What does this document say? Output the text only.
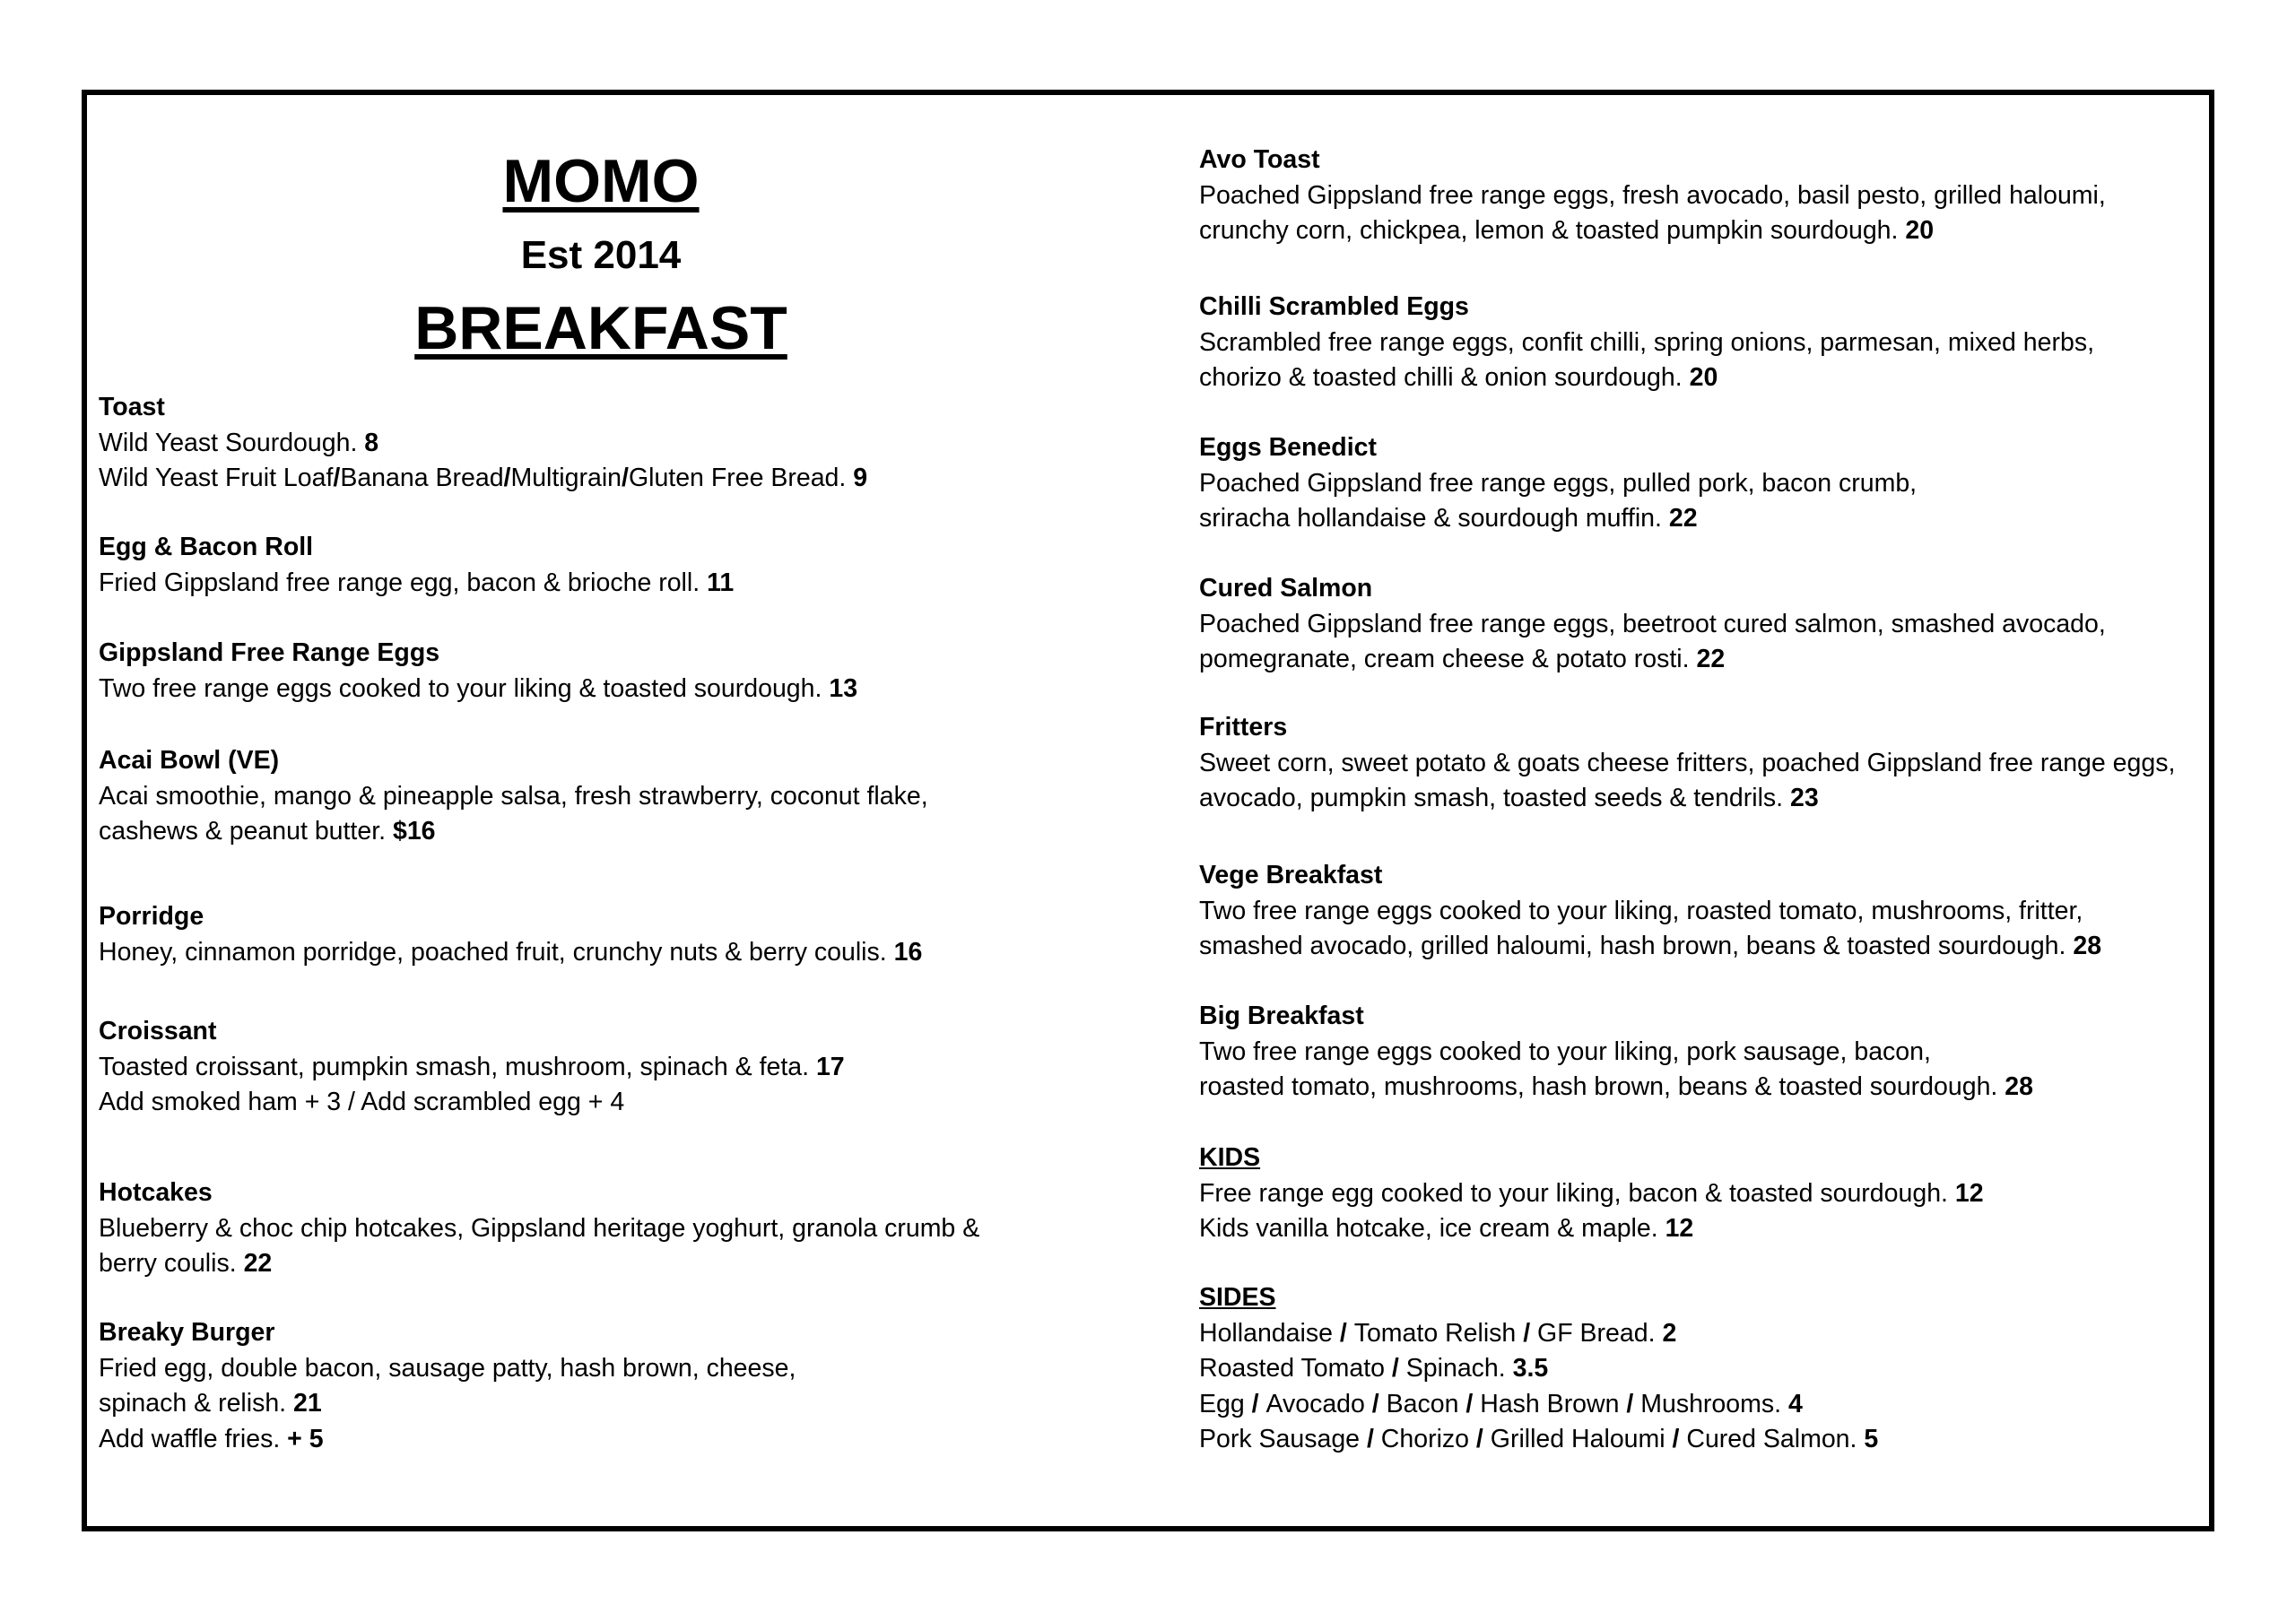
MOMO
Est 2014
BREAKFAST
Toast
Wild Yeast Sourdough. 8
Wild Yeast Fruit Loaf/Banana Bread/Multigrain/Gluten Free Bread. 9
Egg & Bacon Roll
Fried Gippsland free range egg, bacon & brioche roll. 11
Gippsland Free Range Eggs
Two free range eggs cooked to your liking & toasted sourdough. 13
Acai Bowl (VE)
Acai smoothie, mango & pineapple salsa, fresh strawberry, coconut flake,
cashews & peanut butter. $16
Porridge
Honey, cinnamon porridge, poached fruit, crunchy nuts & berry coulis. 16
Croissant
Toasted croissant, pumpkin smash, mushroom, spinach & feta. 17
Add smoked ham + 3 / Add scrambled egg + 4
Hotcakes
Blueberry & choc chip hotcakes, Gippsland heritage yoghurt, granola crumb &
berry coulis. 22
Breaky Burger
Fried egg, double bacon, sausage patty, hash brown, cheese,
spinach & relish. 21
Add waffle fries. + 5
Avo Toast
Poached Gippsland free range eggs, fresh avocado, basil pesto, grilled haloumi,
crunchy corn, chickpea, lemon & toasted pumpkin sourdough. 20
Chilli Scrambled Eggs
Scrambled free range eggs, confit chilli, spring onions, parmesan, mixed herbs,
chorizo & toasted chilli & onion sourdough. 20
Eggs Benedict
Poached Gippsland free range eggs, pulled pork, bacon crumb,
sriracha hollandaise & sourdough muffin. 22
Cured Salmon
Poached Gippsland free range eggs, beetroot cured salmon, smashed avocado,
pomegranate, cream cheese & potato rosti. 22
Fritters
Sweet corn, sweet potato & goats cheese fritters, poached Gippsland free range eggs,
avocado, pumpkin smash, toasted seeds & tendrils. 23
Vege Breakfast
Two free range eggs cooked to your liking, roasted tomato, mushrooms, fritter,
smashed avocado, grilled haloumi, hash brown, beans & toasted sourdough. 28
Big Breakfast
Two free range eggs cooked to your liking, pork sausage, bacon,
roasted tomato, mushrooms, hash brown, beans & toasted sourdough. 28
KIDS
Free range egg cooked to your liking, bacon & toasted sourdough. 12
Kids vanilla hotcake, ice cream & maple. 12
SIDES
Hollandaise / Tomato Relish / GF Bread. 2
Roasted Tomato / Spinach. 3.5
Egg / Avocado / Bacon / Hash Brown / Mushrooms. 4
Pork Sausage / Chorizo / Grilled Haloumi / Cured Salmon. 5
